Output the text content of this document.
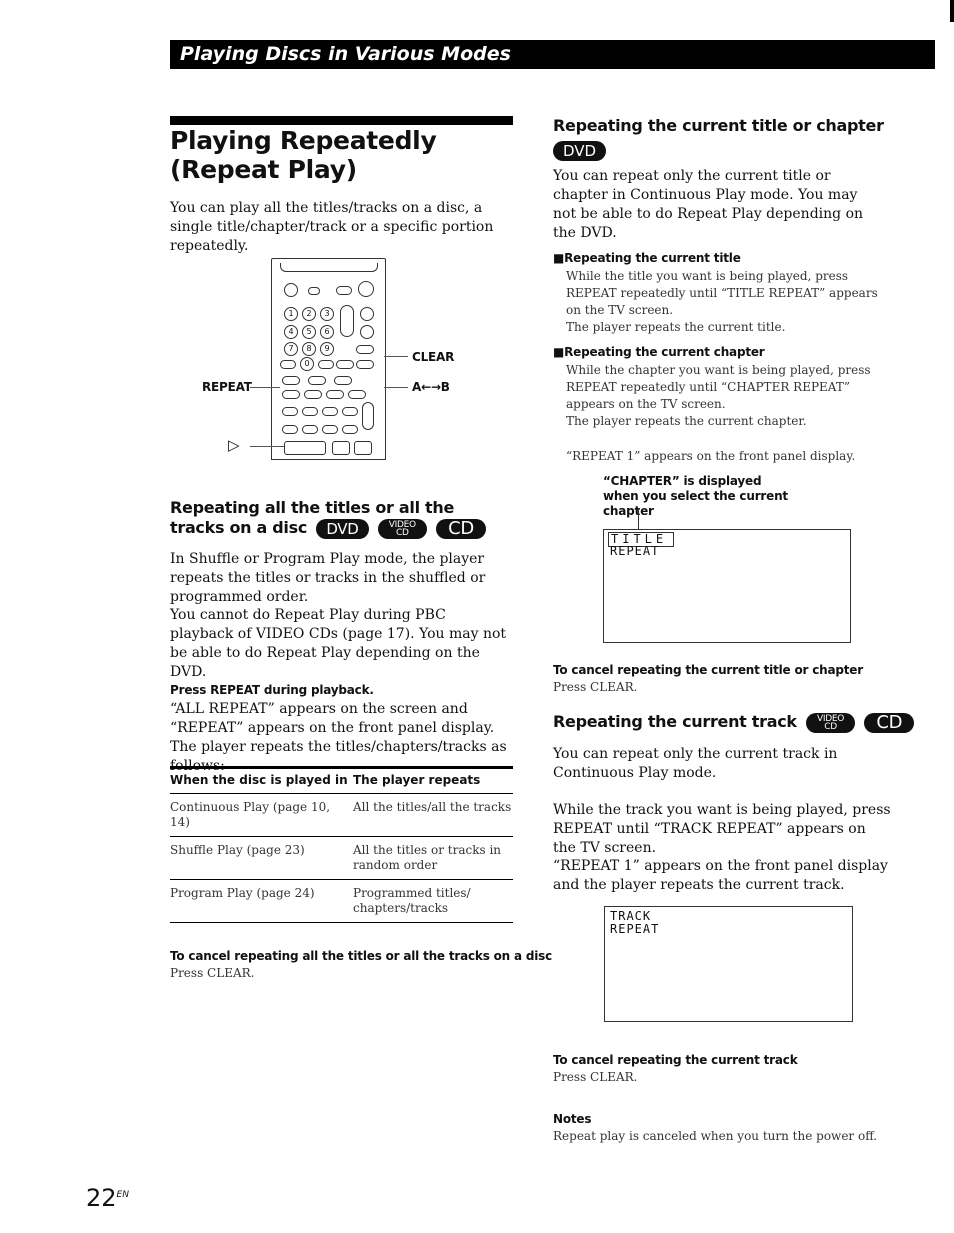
Playing Discs in Various Modes
Playing Repeatedly (Repeat Play)
You can play all the titles/tracks on a disc, a single title/chapter/track or a specific portion repeatedly.
1	2	3
4	5	6
7	8	9
0	CLEAR
REPEAT	A←→B
▷
Repeating all the titles or all the tracks on a disc DVD	VIDEO
CD CD
In Shuffle or Program Play mode, the player repeats the titles or tracks in the shuffled or programmed order.
You cannot do Repeat Play during PBC playback of VIDEO CDs (page 17). You may not be able to do Repeat Play depending on the DVD.
Press REPEAT during playback.
“ALL REPEAT” appears on the screen and “REPEAT” appears on the front panel display. The player repeats the titles/chapters/tracks as follows:
When the disc is played in	The player repeats
Continuous Play (page 10, 14)	All the titles/all the tracks
Shuffle Play (page 23)	All the titles or tracks in random order
Program Play (page 24)	Programmed titles/ chapters/tracks
To cancel repeating all the titles or all the tracks on a disc
Press CLEAR.
Repeating the current title or chapter
DVD
You can repeat only the current title or chapter in Continuous Play mode. You may not be able to do Repeat Play depending on the DVD.
■Repeating the current title
While the title you want is being played, press REPEAT repeatedly until “TITLE REPEAT” appears on the TV screen.
The player repeats the current title.
■Repeating the current chapter
While the chapter you want is being played, press REPEAT repeatedly until “CHAPTER REPEAT” appears on the TV screen.
The player repeats the current chapter.
“REPEAT 1” appears on the front panel display.
“CHAPTER” is displayed when you select the current chapter
TITLE
REPEAT
To cancel repeating the current title or chapter
Press CLEAR.
Repeating the current track VIDEO
CD CD
You can repeat only the current track in Continuous Play mode.
While the track you want is being played, press REPEAT until “TRACK REPEAT” appears on the TV screen.
“REPEAT 1” appears on the front panel display and the player repeats the current track.
TRACK
REPEAT
To cancel repeating the current track
Press CLEAR.
Notes
Repeat play is canceled when you turn the power off.
$22^{EN}$
